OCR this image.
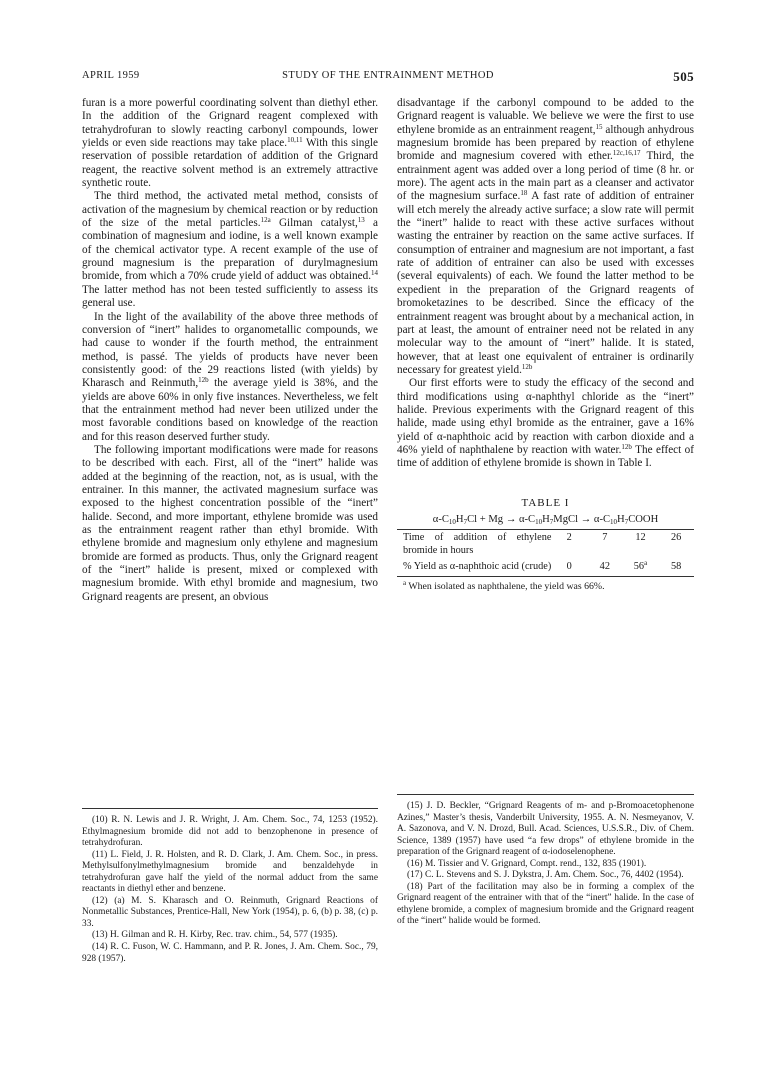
APRIL 1959	STUDY OF THE ENTRAINMENT METHOD	505

furan is a more powerful coordinating solvent than diethyl ether. In the addition of the Grignard reagent complexed with tetrahydrofuran to slowly reacting carbonyl compounds, lower yields or even side reactions may take place.$^{10,11}$ With this single reservation of possible retardation of addition of the Grignard reagent, the reactive solvent method is an extremely attractive synthetic route.

The third method, the activated metal method, consists of activation of the magnesium by chemical reaction or by reduction of the size of the metal particles.$^{12a}$ Gilman catalyst,$^{13}$ a combination of magnesium and iodine, is a well known example of the chemical activator type. A recent example of the use of ground magnesium is the preparation of durylmagnesium bromide, from which a 70% crude yield of adduct was obtained.$^{14}$ The latter method has not been tested sufficiently to assess its general use.

In the light of the availability of the above three methods of conversion of “inert” halides to organometallic compounds, we had cause to wonder if the fourth method, the entrainment method, is passé. The yields of products have never been consistently good: of the 29 reactions listed (with yields) by Kharasch and Reinmuth,$^{12b}$ the average yield is 38%, and the yields are above 60% in only five instances. Nevertheless, we felt that the entrainment method had never been utilized under the most favorable conditions based on knowledge of the reaction and for this reason deserved further study.

The following important modifications were made for reasons to be described with each. First, all of the “inert” halide was added at the beginning of the reaction, not, as is usual, with the entrainer. In this manner, the activated magnesium surface was exposed to the highest concentration possible of the “inert” halide. Second, and more important, ethylene bromide was used as the entrainment reagent rather than ethyl bromide. With ethylene bromide and magnesium only ethylene and magnesium bromide are formed as products. Thus, only the Grignard reagent of the “inert” halide is present, mixed or complexed with magnesium bromide. With ethyl bromide and magnesium, two Grignard reagents are present, an obvious

disadvantage if the carbonyl compound to be added to the Grignard reagent is valuable. We believe we were the first to use ethylene bromide as an entrainment reagent,$^{15}$ although anhydrous magnesium bromide has been prepared by reaction of ethylene bromide and magnesium covered with ether.$^{12c,16,17}$ Third, the entrainment agent was added over a long period of time (8 hr. or more). The agent acts in the main part as a cleanser and activator of the magnesium surface.$^{18}$ A fast rate of addition of entrainer will etch merely the already active surface; a slow rate will permit the “inert” halide to react with these active surfaces without wasting the entrainer by reaction on the same active surfaces. If consumption of entrainer and magnesium are not important, a fast rate of addition of entrainer can also be used with excesses (several equivalents) of each. We found the latter method to be expedient in the preparation of the Grignard reagents of bromoketazines to be described. Since the efficacy of the entrainment reagent was brought about by a mechanical action, in part at least, the amount of entrainer need not be related in any molecular way to the amount of “inert” halide. It is stated, however, that at least one equivalent of entrainer is ordinarily necessary for greatest yield.$^{12b}$

Our first efforts were to study the efficacy of the second and third modifications using α-naphthyl chloride as the “inert” halide. Previous experiments with the Grignard reagent of this halide, made using ethyl bromide as the entrainer, gave a 16% yield of α-naphthoic acid by reaction with carbon dioxide and a 46% yield of naphthalene by reaction with water.$^{12b}$ The effect of time of addition of ethylene bromide is shown in Table I.

TABLE I
$\alpha-C_{10}H_7Cl + Mg$ → $\alpha-C_{10}H_7MgCl$ → $\alpha-C_{10}H_7COOH$
Time of addition of ethylene bromide in hours	2	7	12	26
% Yield as α-naphthoic acid (crude)	0	42	56$^a$	58
$^a$ When isolated as naphthalene, the yield was 66%.

(10) R. N. Lewis and J. R. Wright, J. Am. Chem. Soc., 74, 1253 (1952). Ethylmagnesium bromide did not add to benzophenone in presence of tetrahydrofuran.

(11) L. Field, J. R. Holsten, and R. D. Clark, J. Am. Chem. Soc., in press. Methylsulfonylmethylmagnesium bromide and benzaldehyde in tetrahydrofuran gave half the yield of the normal adduct from the same reactants in diethyl ether and benzene.

(12) (a) M. S. Kharasch and O. Reinmuth, Grignard Reactions of Nonmetallic Substances, Prentice-Hall, New York (1954), p. 6, (b) p. 38, (c) p. 33.

(13) H. Gilman and R. H. Kirby, Rec. trav. chim., 54, 577 (1935).

(14) R. C. Fuson, W. C. Hammann, and P. R. Jones, J. Am. Chem. Soc., 79, 928 (1957).

(15) J. D. Beckler, “Grignard Reagents of m- and p-Bromoacetophenone Azines,” Master’s thesis, Vanderbilt University, 1955. A. N. Nesmeyanov, V. A. Sazonova, and V. N. Drozd, Bull. Acad. Sciences, U.S.S.R., Div. of Chem. Science, 1389 (1957) have used “a few drops” of ethylene bromide in the preparation of the Grignard reagent of α-iodoselenophene.

(16) M. Tissier and V. Grignard, Compt. rend., 132, 835 (1901).

(17) C. L. Stevens and S. J. Dykstra, J. Am. Chem. Soc., 76, 4402 (1954).

(18) Part of the facilitation may also be in forming a complex of the Grignard reagent of the entrainer with that of the “inert” halide. In the case of ethylene bromide, a complex of magnesium bromide and the Grignard reagent of the “inert” halide would be formed.
